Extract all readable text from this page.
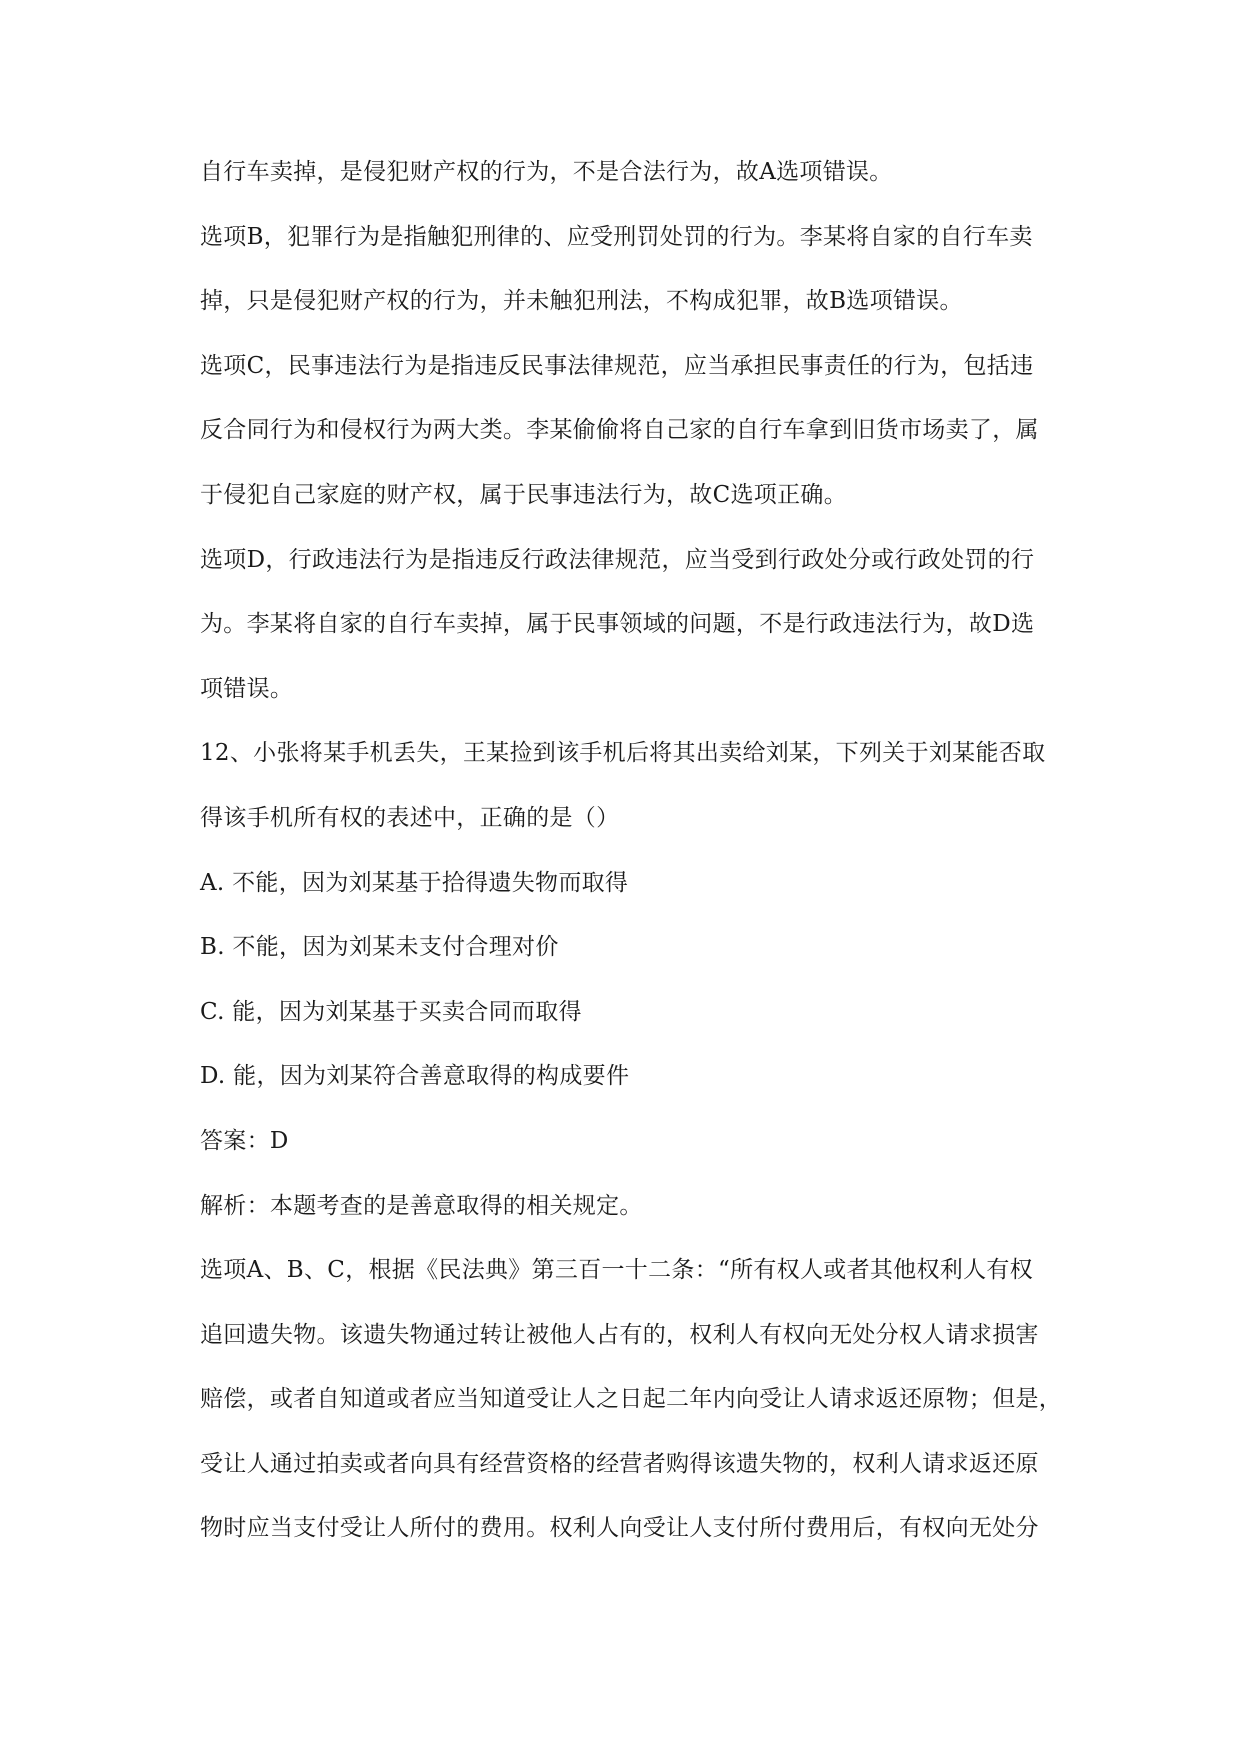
自行车卖掉，是侵犯财产权的行为，不是合法行为，故A选项错误。
选项B，犯罪行为是指触犯刑律的、应受刑罚处罚的行为。李某将自家的自行车卖
掉，只是侵犯财产权的行为，并未触犯刑法，不构成犯罪，故B选项错误。
选项C，民事违法行为是指违反民事法律规范，应当承担民事责任的行为，包括违
反合同行为和侵权行为两大类。李某偷偷将自己家的自行车拿到旧货市场卖了，属
于侵犯自己家庭的财产权，属于民事违法行为，故C选项正确。
选项D，行政违法行为是指违反行政法律规范，应当受到行政处分或行政处罚的行
为。李某将自家的自行车卖掉，属于民事领域的问题，不是行政违法行为，故D选
项错误。
12、小张将某手机丢失，王某捡到该手机后将其出卖给刘某，下列关于刘某能否取
得该手机所有权的表述中，正确的是（）
A. 不能，因为刘某基于拾得遗失物而取得
B. 不能，因为刘某未支付合理对价
C. 能，因为刘某基于买卖合同而取得
D. 能，因为刘某符合善意取得的构成要件
答案：D
解析：本题考查的是善意取得的相关规定。
选项A、B、C，根据《民法典》第三百一十二条：“所有权人或者其他权利人有权
追回遗失物。该遗失物通过转让被他人占有的，权利人有权向无处分权人请求损害
赔偿，或者自知道或者应当知道受让人之日起二年内向受让人请求返还原物；但是，
受让人通过拍卖或者向具有经营资格的经营者购得该遗失物的，权利人请求返还原
物时应当支付受让人所付的费用。权利人向受让人支付所付费用后，有权向无处分
